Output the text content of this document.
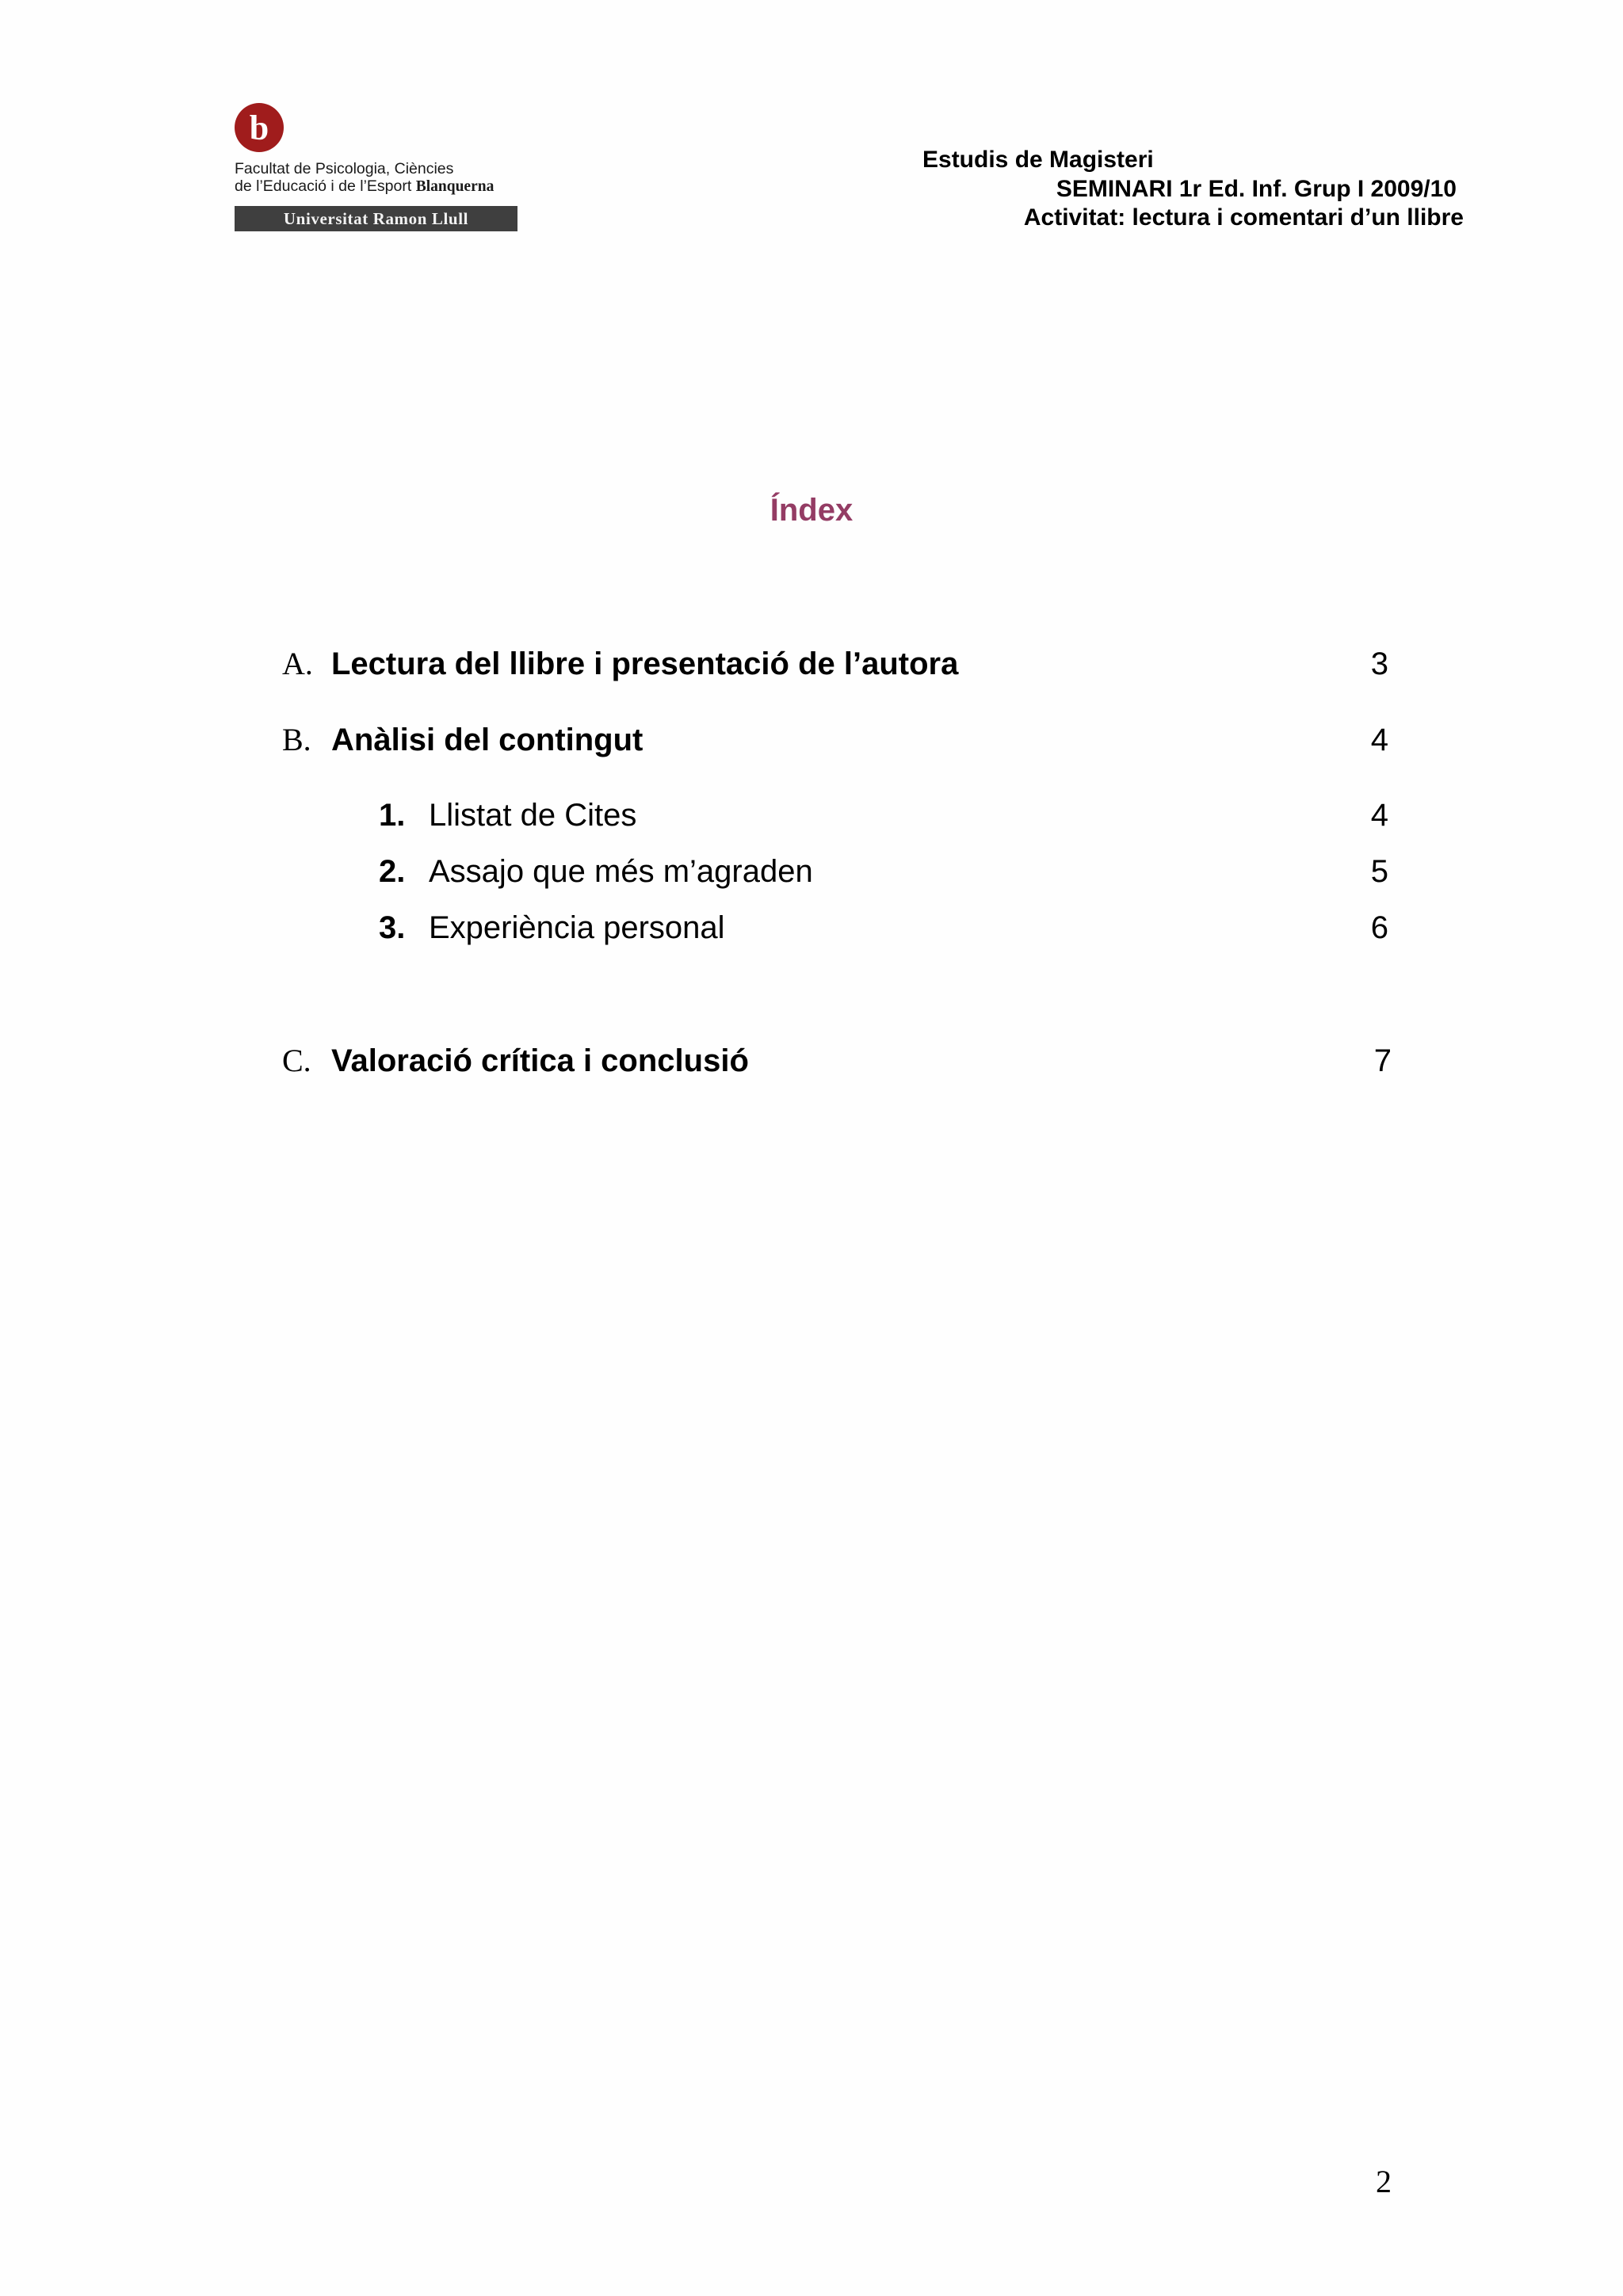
b
Facultat de Psicologia, Ciències
de l’Educació i de l’Esport Blanquerna
Universitat Ramon Llull
Estudis de Magisteri
SEMINARI 1r Ed. Inf. Grup I 2009/10
Activitat: lectura i comentari d’un llibre
Índex
A. Lectura del llibre i presentació de l’autora	3
B. Anàlisi del contingut	4
1. Llistat de Cites	4
2. Assajo que més m’agraden	5
3. Experiència personal	6
C. Valoració crítica i conclusió	7
2
